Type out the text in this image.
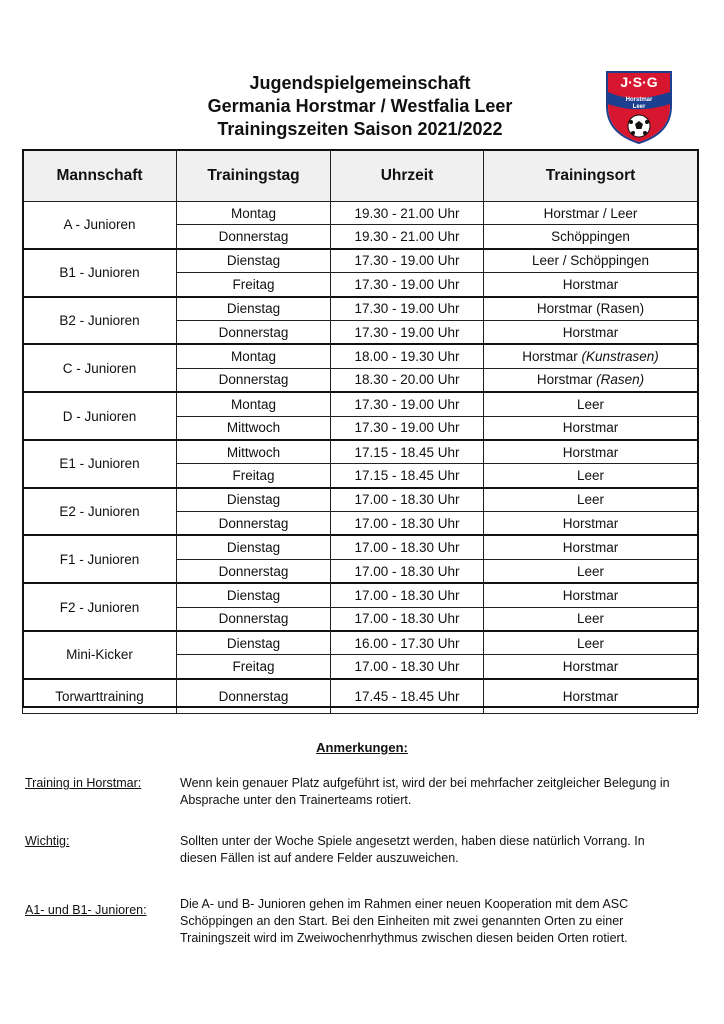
Jugendspielgemeinschaft
Germania Horstmar / Westfalia Leer
Trainingszeiten Saison 2021/2022
J·S·G
Horstmar
Leer
Mannschaft	Trainingstag	Uhrzeit	Trainingsort
A - Junioren	Montag	19.30 - 21.00 Uhr	Horstmar / Leer
	Donnerstag	19.30 - 21.00 Uhr	Schöppingen
B1 - Junioren	Dienstag	17.30 - 19.00 Uhr	Leer / Schöppingen
	Freitag	17.30 - 19.00 Uhr	Horstmar
B2 - Junioren	Dienstag	17.30 - 19.00 Uhr	Horstmar (Rasen)
	Donnerstag	17.30 - 19.00 Uhr	Horstmar
C - Junioren	Montag	18.00 - 19.30 Uhr	Horstmar (Kunstrasen)
	Donnerstag	18.30 - 20.00 Uhr	Horstmar (Rasen)
D - Junioren	Montag	17.30 - 19.00 Uhr	Leer
	Mittwoch	17.30 - 19.00 Uhr	Horstmar
E1 - Junioren	Mittwoch	17.15 - 18.45 Uhr	Horstmar
	Freitag	17.15 - 18.45 Uhr	Leer
E2 - Junioren	Dienstag	17.00 - 18.30 Uhr	Leer
	Donnerstag	17.00 - 18.30 Uhr	Horstmar
F1 - Junioren	Dienstag	17.00 - 18.30 Uhr	Horstmar
	Donnerstag	17.00 - 18.30 Uhr	Leer
F2 - Junioren	Dienstag	17.00 - 18.30 Uhr	Horstmar
	Donnerstag	17.00 - 18.30 Uhr	Leer
Mini-Kicker	Dienstag	16.00 - 17.30 Uhr	Leer
	Freitag	17.00 - 18.30 Uhr	Horstmar
Torwarttraining	Donnerstag	17.45 - 18.45 Uhr	Horstmar
Anmerkungen:
Training in Horstmar:	Wenn kein genauer Platz aufgeführt ist, wird der bei mehrfacher zeitgleicher Belegung in Absprache unter den Trainerteams rotiert.
Wichtig:	Sollten unter der Woche Spiele angesetzt werden, haben diese natürlich Vorrang. In diesen Fällen ist auf andere Felder auszuweichen.
A1- und B1- Junioren:	Die A- und B- Junioren gehen im Rahmen einer neuen Kooperation mit dem ASC Schöppingen an den Start. Bei den Einheiten mit zwei genannten Orten zu einer Trainingszeit wird im Zweiwochenrhythmus zwischen diesen beiden Orten rotiert.
